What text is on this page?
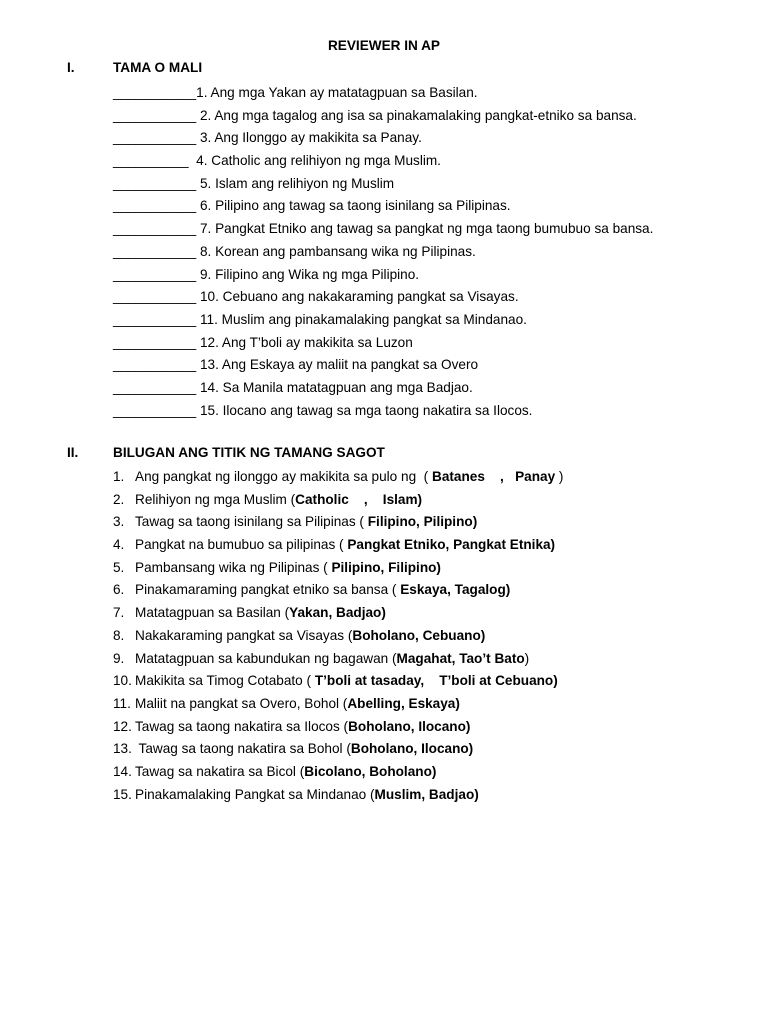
REVIEWER IN AP
I.	TAMA O MALI
___________1. Ang mga Yakan ay matatagpuan sa Basilan.
___________ 2. Ang mga tagalog ang isa sa pinakamalaking pangkat-etniko sa bansa.
___________ 3. Ang Ilonggo ay makikita sa Panay.
__________  4. Catholic ang relihiyon ng mga Muslim.
___________ 5. Islam ang relihiyon ng Muslim
___________ 6. Pilipino ang tawag sa taong isinilang sa Pilipinas.
___________ 7. Pangkat Etniko ang tawag sa pangkat ng mga taong bumubuo sa bansa.
___________ 8. Korean ang pambansang wika ng Pilipinas.
___________ 9. Filipino ang Wika ng mga Pilipino.
___________ 10. Cebuano ang nakakaraming pangkat sa Visayas.
___________ 11. Muslim ang pinakamalaking pangkat sa Mindanao.
___________ 12. Ang T’boli ay makikita sa Luzon
___________ 13. Ang Eskaya ay maliit na pangkat sa Overo
___________ 14. Sa Manila matatagpuan ang mga Badjao.
___________ 15. Ilocano ang tawag sa mga taong nakatira sa Ilocos.
II.	BILUGAN ANG TITIK NG TAMANG SAGOT
1. Ang pangkat ng ilonggo ay makikita sa pulo ng  ( Batanes    ,   Panay )
2. Relihiyon ng mga Muslim (Catholic    ,    Islam)
3. Tawag sa taong isinilang sa Pilipinas ( Filipino, Pilipino)
4. Pangkat na bumubuo sa pilipinas ( Pangkat Etniko, Pangkat Etnika)
5. Pambansang wika ng Pilipinas ( Pilipino, Filipino)
6. Pinakamaraming pangkat etniko sa bansa ( Eskaya, Tagalog)
7. Matatagpuan sa Basilan (Yakan, Badjao)
8. Nakakaraming pangkat sa Visayas (Boholano, Cebuano)
9. Matatagpuan sa kabundukan ng bagawan (Magahat, Tao’t Bato)
10. Makikita sa Timog Cotabato ( T’boli at tasaday,    T’boli at Cebuano)
11. Maliit na pangkat sa Overo, Bohol (Abelling, Eskaya)
12. Tawag sa taong nakatira sa Ilocos (Boholano, Ilocano)
13. Tawag sa taong nakatira sa Bohol (Boholano, Ilocano)
14. Tawag sa nakatira sa Bicol (Bicolano, Boholano)
15. Pinakamalaking Pangkat sa Mindanao (Muslim, Badjao)
